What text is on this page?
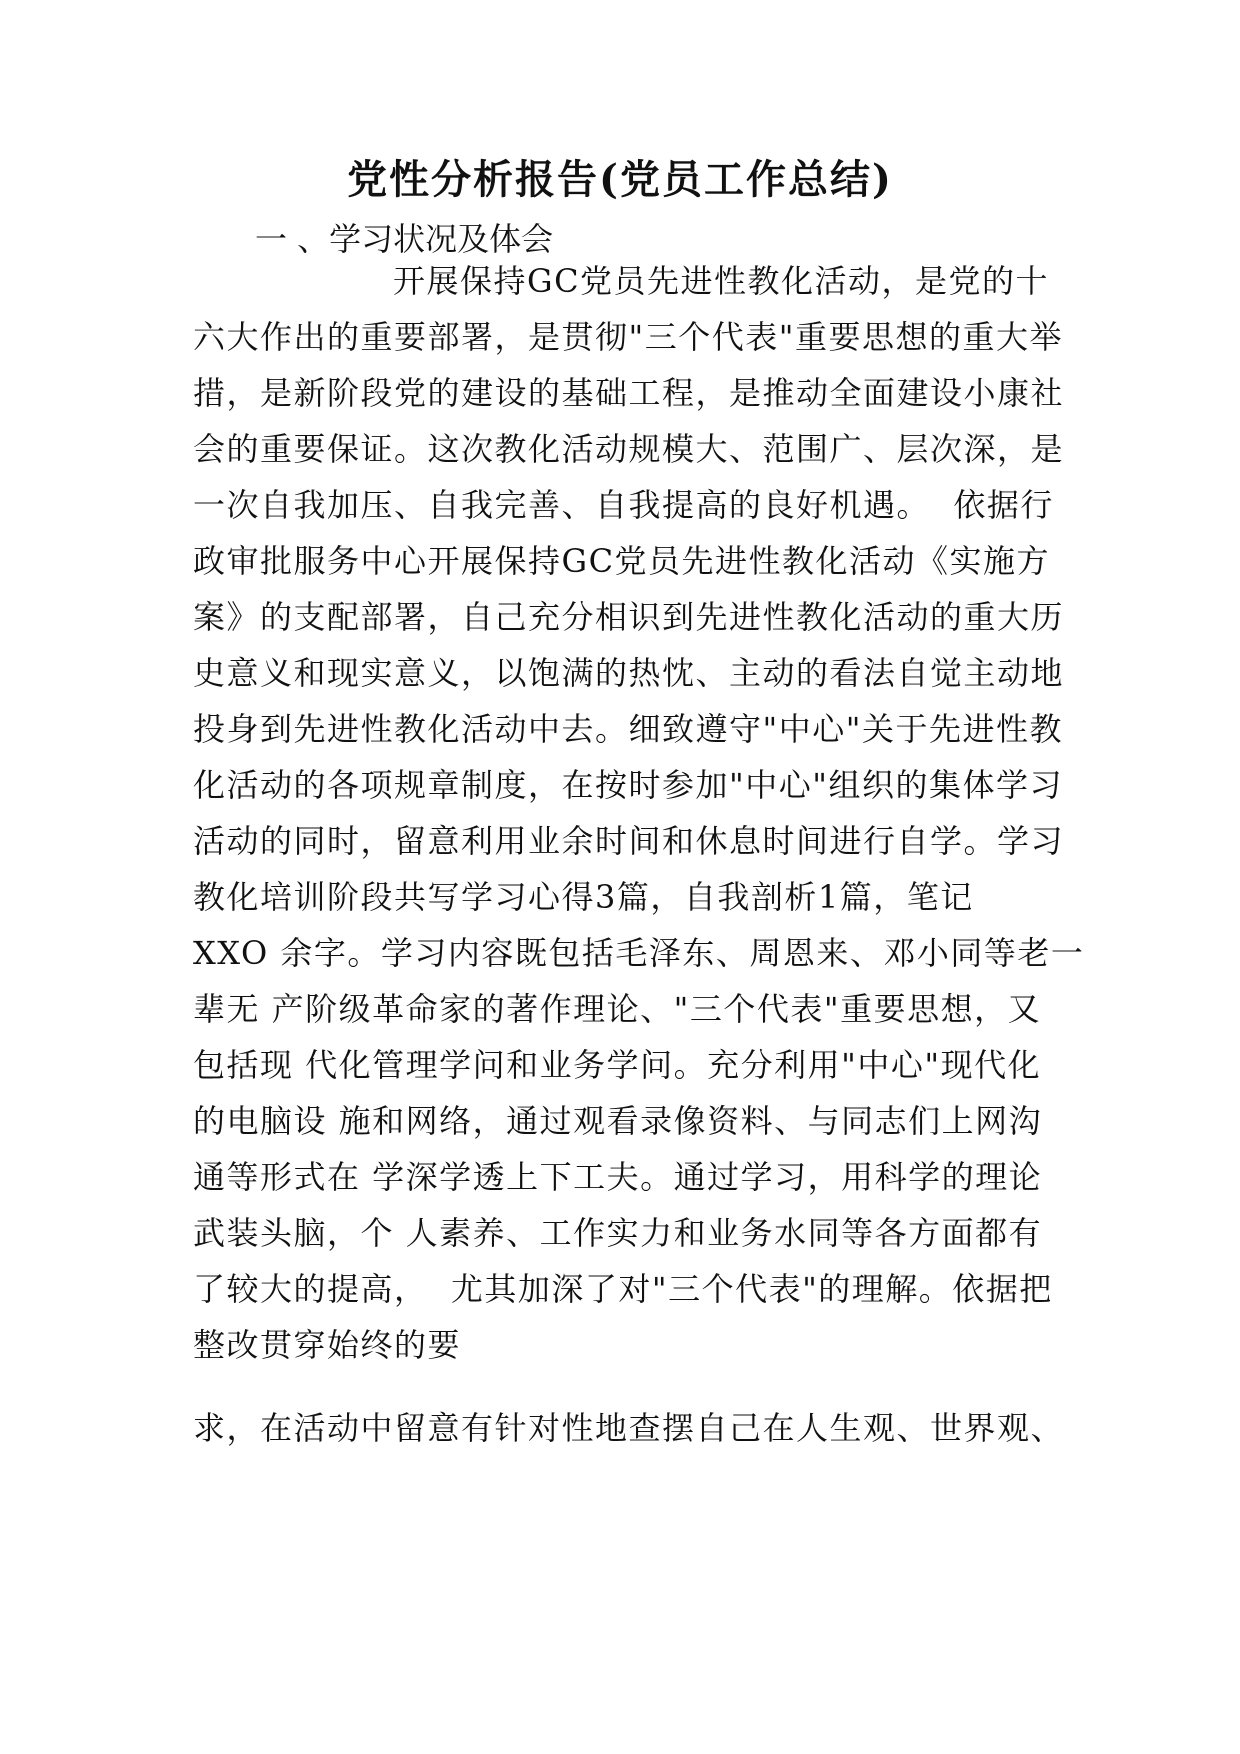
党性分析报告(党员工作总结)
一 、学习状况及体会
开展保持GC党员先进性教化活动，是党的十
六大作出的重要部署，是贯彻"三个代表"重要思想的重大举
措，是新阶段党的建设的基础工程，是推动全面建设小康社
会的重要保证。这次教化活动规模大、范围广、层次深，是
一次自我加压、自我完善、自我提高的良好机遇。  依据行
政审批服务中心开展保持GC党员先进性教化活动《实施方
案》的支配部署，自己充分相识到先进性教化活动的重大历
史意义和现实意义，以饱满的热忱、主动的看法自觉主动地
投身到先进性教化活动中去。细致遵守"中心"关于先进性教
化活动的各项规章制度，在按时参加"中心"组织的集体学习
活动的同时，留意利用业余时间和休息时间进行自学。学习
教化培训阶段共写学习心得3篇，自我剖析1篇，笔记
XXO 余字。学习内容既包括毛泽东、周恩来、邓小同等老一
辈无 产阶级革命家的著作理论、"三个代表"重要思想，又
包括现 代化管理学问和业务学问。充分利用"中心"现代化
的电脑设 施和网络，通过观看录像资料、与同志们上网沟
通等形式在 学深学透上下工夫。通过学习，用科学的理论
武装头脑，个 人素养、工作实力和业务水同等各方面都有
了较大的提高，  尤其加深了对"三个代表"的理解。依据把
整改贯穿始终的要
求，在活动中留意有针对性地查摆自己在人生观、世界观、
